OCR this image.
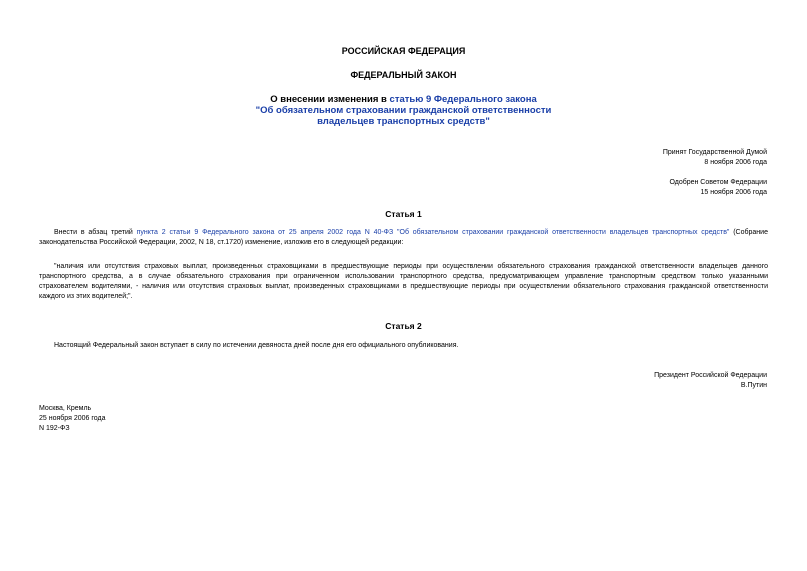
РОССИЙСКАЯ ФЕДЕРАЦИЯ
ФЕДЕРАЛЬНЫЙ ЗАКОН
О внесении изменения в статью 9 Федерального закона
"Об обязательном страховании гражданской ответственности
владельцев транспортных средств"
Принят Государственной Думой
8 ноября 2006 года
Одобрен Советом Федерации
15 ноября 2006 года
Статья 1
Внести в абзац третий пункта 2 статьи 9 Федерального закона от 25 апреля 2002 года N 40-ФЗ "Об обязательном страховании гражданской ответственности владельцев транспортных средств" (Собрание
законодательства Российской Федерации, 2002, N 18, ст.1720) изменение, изложив его в следующей редакции:
"наличия или отсутствия страховых выплат, произведенных страховщиками в предшествующие периоды при осуществлении обязательного страхования гражданской ответственности владельцев данного
транспортного средства, а в случае обязательного страхования при ограниченном использовании транспортного средства, предусматривающем управление транспортным средством только указанными
страхователем водителями, - наличия или отсутствия страховых выплат, произведенных страховщиками в предшествующие периоды при осуществлении обязательного страхования гражданской ответственности
каждого из этих водителей;".
Статья 2
Настоящий Федеральный закон вступает в силу по истечении девяноста дней после дня его официального опубликования.
Президент Российской Федерации
В.Путин
Москва, Кремль
25 ноября 2006 года
N 192-ФЗ
